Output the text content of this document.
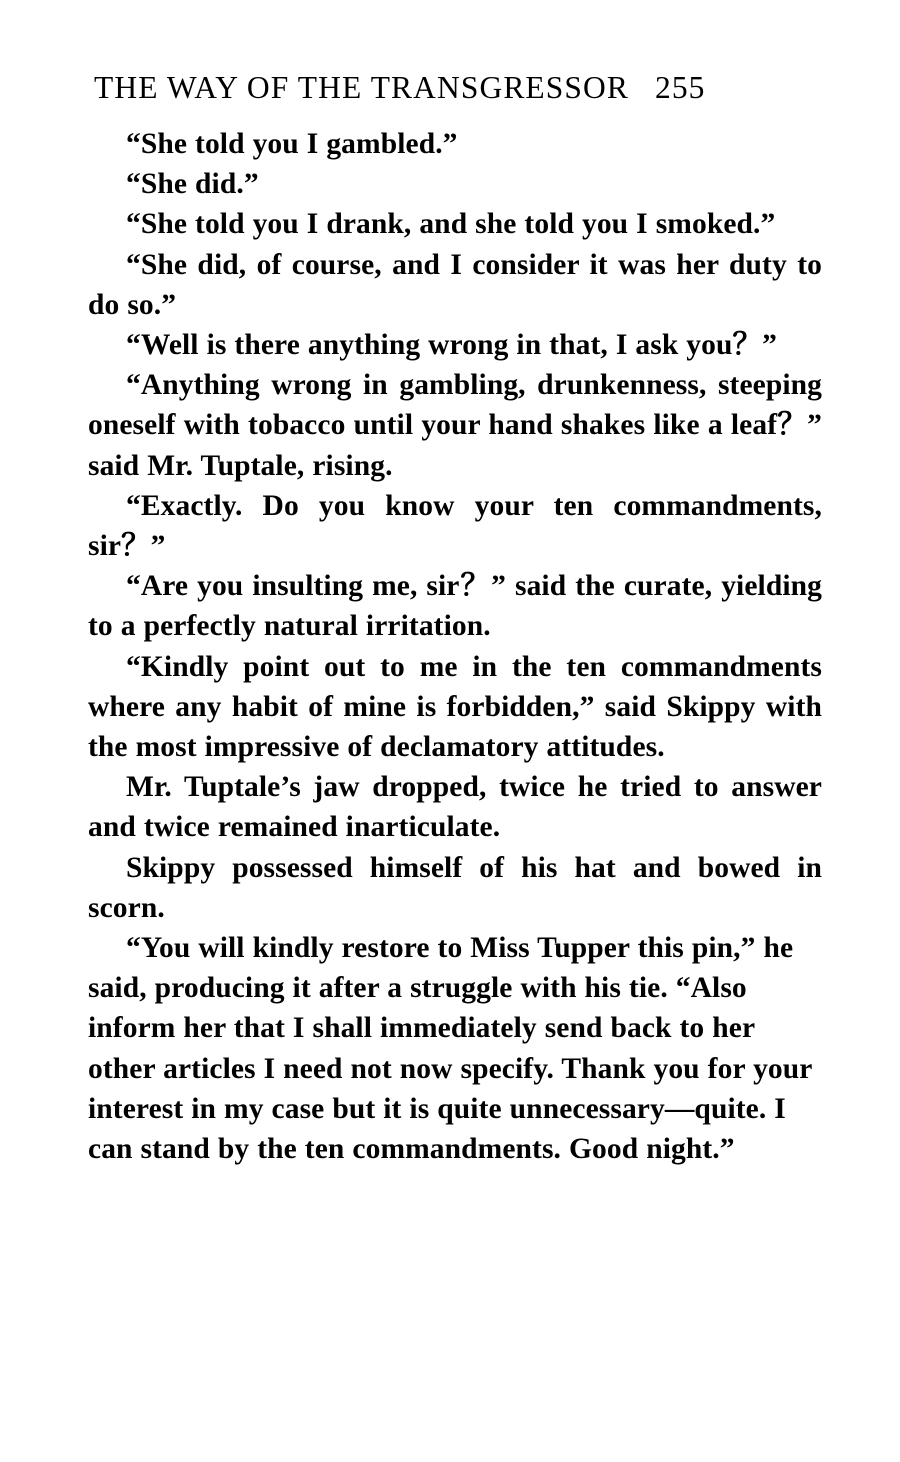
THE WAY OF THE TRANSGRESSOR 255

“She told you I gambled.”

“She did.”

“She told you I drank, and she told you I smoked.”

“She did, of course, and I consider it was her duty to do so.”

“Well is there anything wrong in that, I ask you？”

“Anything wrong in gambling, drunkenness, steeping oneself with tobacco until your hand shakes like a leaf？” said Mr. Tuptale, rising.

“Exactly. Do you know your ten commandments, sir？”

“Are you insulting me, sir？” said the curate, yielding to a perfectly natural irritation.

“Kindly point out to me in the ten commandments where any habit of mine is forbidden,” said Skippy with the most impressive of declamatory attitudes.

Mr. Tuptale’s jaw dropped, twice he tried to answer and twice remained inarticulate.

Skippy possessed himself of his hat and bowed in scorn.

“You will kindly restore to Miss Tupper this pin,” he said, producing it after a struggle with his tie. “Also inform her that I shall immediately send back to her other articles I need not now specify. Thank you for your interest in my case but it is quite unnecessary—quite. I can stand by the ten commandments. Good night.”
